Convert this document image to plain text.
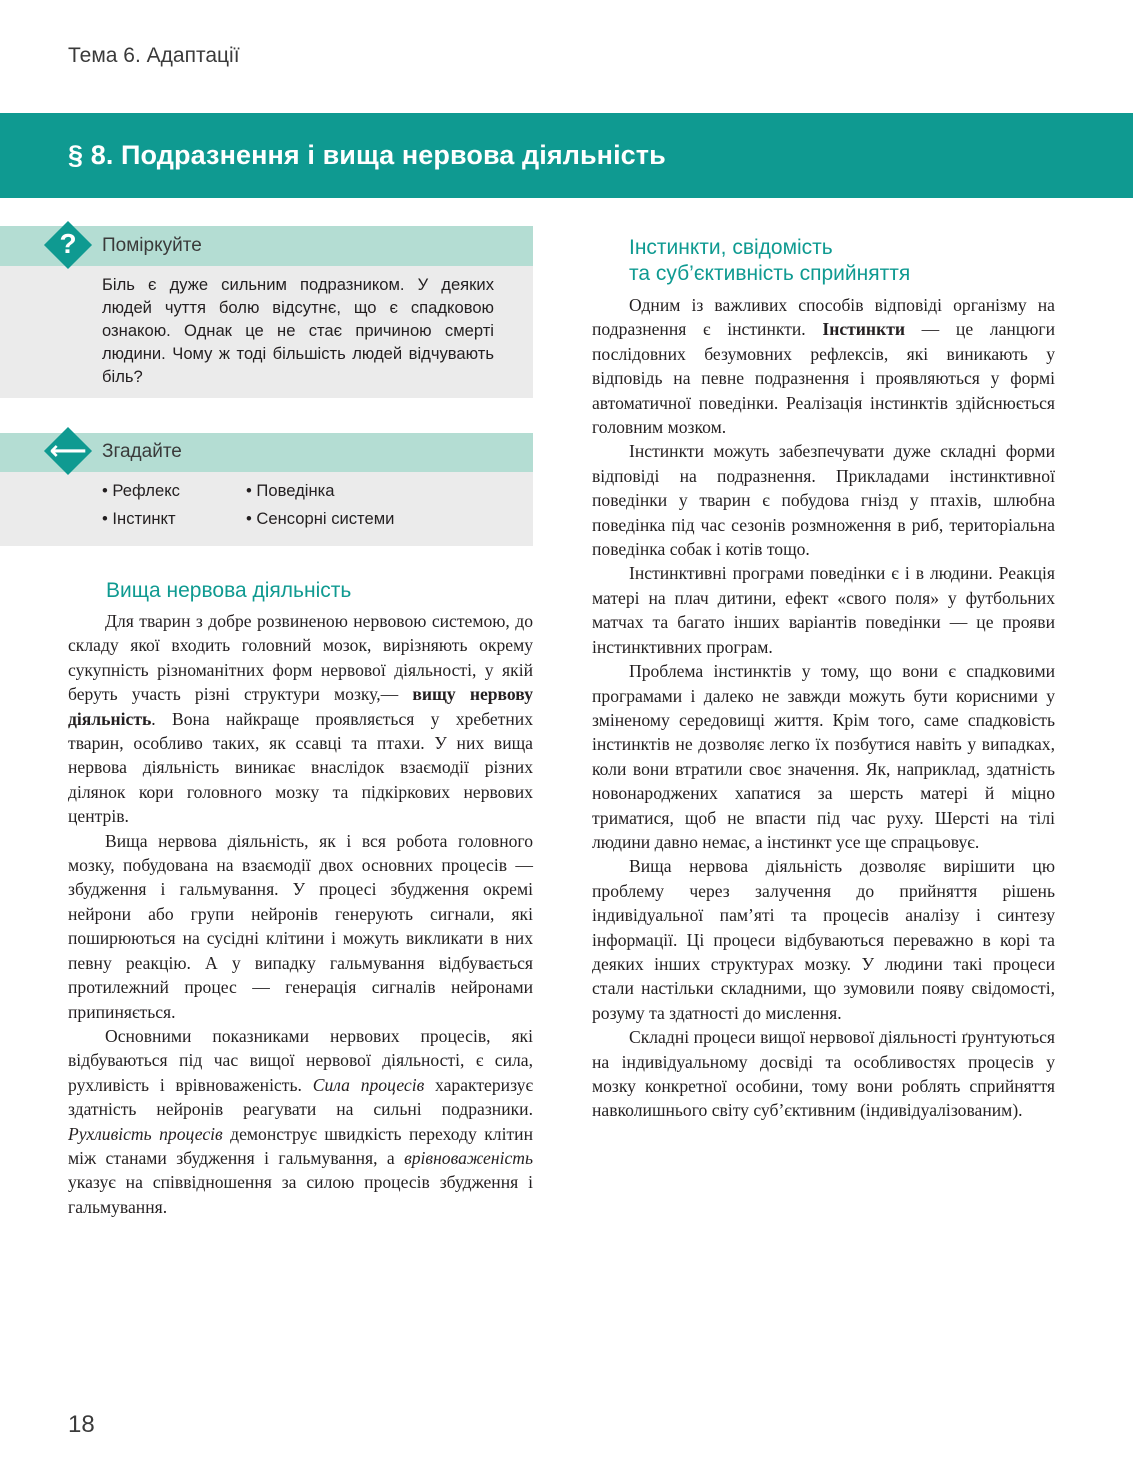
Тема 6. Адаптації
§ 8. Подразнення і вища нервова діяльність
?	Поміркуйте
Біль є дуже сильним подразником. У деяких людей чуття болю відсутнє, що є спадковою ознакою. Однак це не стає причиною смерті людини. Чому ж тоді більшість людей відчувають біль?
⟵ Згадайте
• Рефлекс	• Поведінка
• Інстинкт	• Сенсорні системи
Вища нервова діяльність

Для тварин з добре розвиненою нервовою системою, до складу якої входить головний мозок, вирізняють окрему сукупність різноманітних форм нервової діяльності, у якій беруть участь різні структури мозку,— вищу нервову діяльність. Вона найкраще проявляється у хребетних тварин, особливо таких, як ссавці та птахи. У них вища нервова діяльність виникає внаслідок взаємодії різних ділянок кори головного мозку та підкіркових нервових центрів.

Вища нервова діяльність, як і вся робота головного мозку, побудована на взаємодії двох основних процесів — збудження і гальмування. У процесі збудження окремі нейрони або групи нейронів генерують сигнали, які поширюються на сусідні клітини і можуть викликати в них певну реакцію. А у випадку гальмування відбувається протилежний процес — генерація сигналів нейронами припиняється.

Основними показниками нервових процесів, які відбуваються під час вищої нервової діяльності, є сила, рухливість і врівноваженість. Сила процесів характеризує здатність нейронів реагувати на сильні подразники. Рухливість процесів демонструє швидкість переходу клітин між станами збудження і гальмування, а врівноваженість указує на співвідношення за силою процесів збудження і гальмування.

Інстинкти, свідомість
та суб’єктивність сприйняття

Одним із важливих способів відповіді організму на подразнення є інстинкти. Інстинкти — це ланцюги послідовних безумовних рефлексів, які виникають у відповідь на певне подразнення і проявляються у формі автоматичної поведінки. Реалізація інстинктів здійснюється головним мозком.

Інстинкти можуть забезпечувати дуже складні форми відповіді на подразнення. Прикладами інстинктивної поведінки у тварин є побудова гнізд у птахів, шлюбна поведінка під час сезонів розмноження в риб, територіальна поведінка собак і котів тощо.

Інстинктивні програми поведінки є і в людини. Реакція матері на плач дитини, ефект «свого поля» у футбольних матчах та багато інших варіантів поведінки — це прояви інстинктивних програм.

Проблема інстинктів у тому, що вони є спадковими програмами і далеко не завжди можуть бути корисними у зміненому середовищі життя. Крім того, саме спадковість інстинктів не дозволяє легко їх позбутися навіть у випадках, коли вони втратили своє значення. Як, наприклад, здатність новонароджених хапатися за шерсть матері й міцно триматися, щоб не впасти під час руху. Шерсті на тілі людини давно немає, а інстинкт усе ще спрацьовує.

Вища нервова діяльність дозволяє вирішити цю проблему через залучення до прийняття рішень індивідуальної пам’яті та процесів аналізу і синтезу інформації. Ці процеси відбуваються переважно в корі та деяких інших структурах мозку. У людини такі процеси стали настільки складними, що зумовили появу свідомості, розуму та здатності до мислення.

Складні процеси вищої нервової діяльності ґрунтуються на індивідуальному досвіді та особливостях процесів у мозку конкретної особини, тому вони роблять сприйняття навколишнього світу суб’єктивним (індивідуалізованим).

18
